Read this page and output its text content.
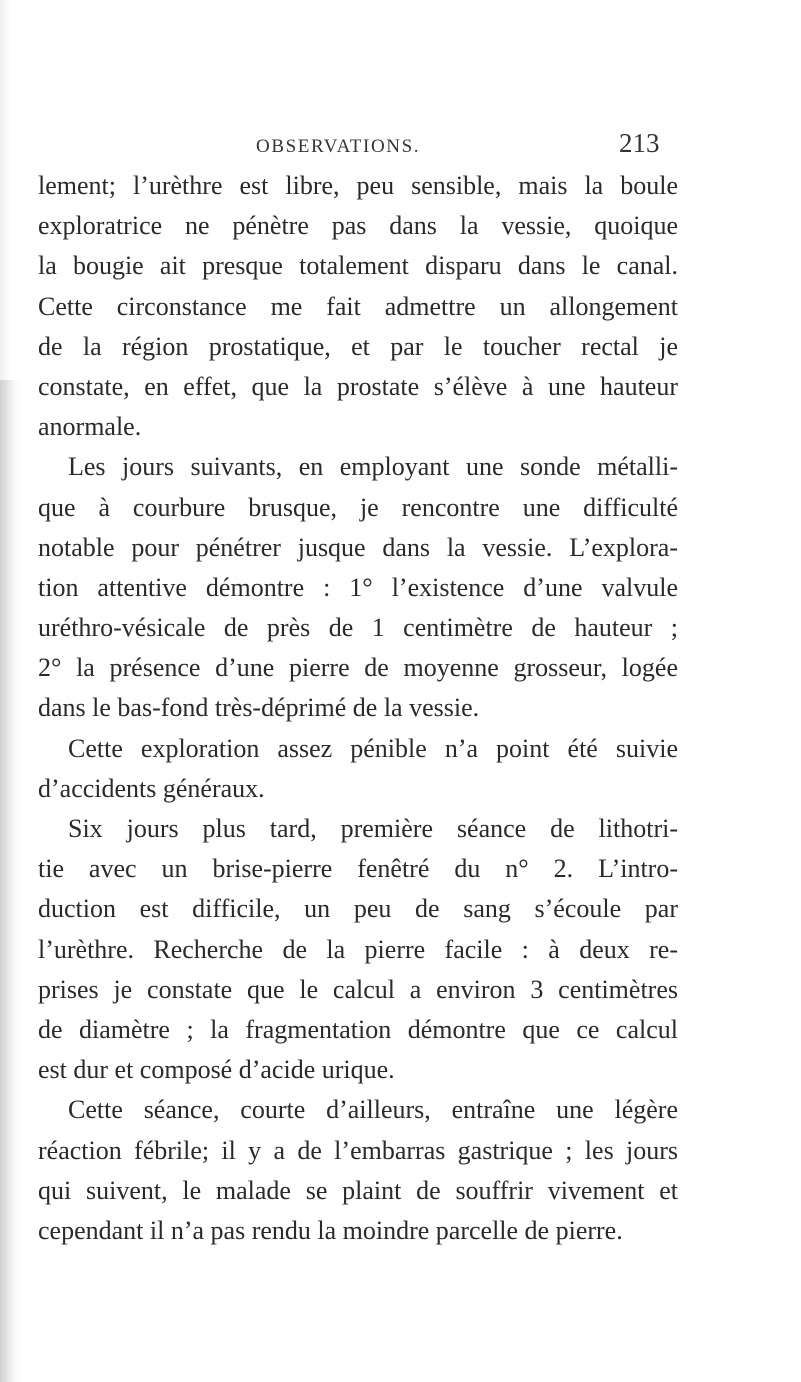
OBSERVATIONS.	213
lement; l’urèthre est libre, peu sensible, mais la boule
exploratrice ne pénètre pas dans la vessie, quoique
la bougie ait presque totalement disparu dans le canal.
Cette circonstance me fait admettre un allongement
de la région prostatique, et par le toucher rectal je
constate, en effet, que la prostate s’élève à une hauteur
anormale.
Les jours suivants, en employant une sonde métalli-
que à courbure brusque, je rencontre une difficulté
notable pour pénétrer jusque dans la vessie. L’explora-
tion attentive démontre : 1° l’existence d’une valvule
uréthro-vésicale de près de 1 centimètre de hauteur ;
2° la présence d’une pierre de moyenne grosseur, logée
dans le bas-fond très-déprimé de la vessie.
Cette exploration assez pénible n’a point été suivie
d’accidents généraux.
Six jours plus tard, première séance de lithotri-
tie avec un brise-pierre fenêtré du n° 2. L’intro-
duction est difficile, un peu de sang s’écoule par
l’urèthre. Recherche de la pierre facile : à deux re-
prises je constate que le calcul a environ 3 centimètres
de diamètre ; la fragmentation démontre que ce calcul
est dur et composé d’acide urique.
Cette séance, courte d’ailleurs, entraîne une légère
réaction fébrile; il y a de l’embarras gastrique ; les jours
qui suivent, le malade se plaint de souffrir vivement et
cependant il n’a pas rendu la moindre parcelle de pierre.
